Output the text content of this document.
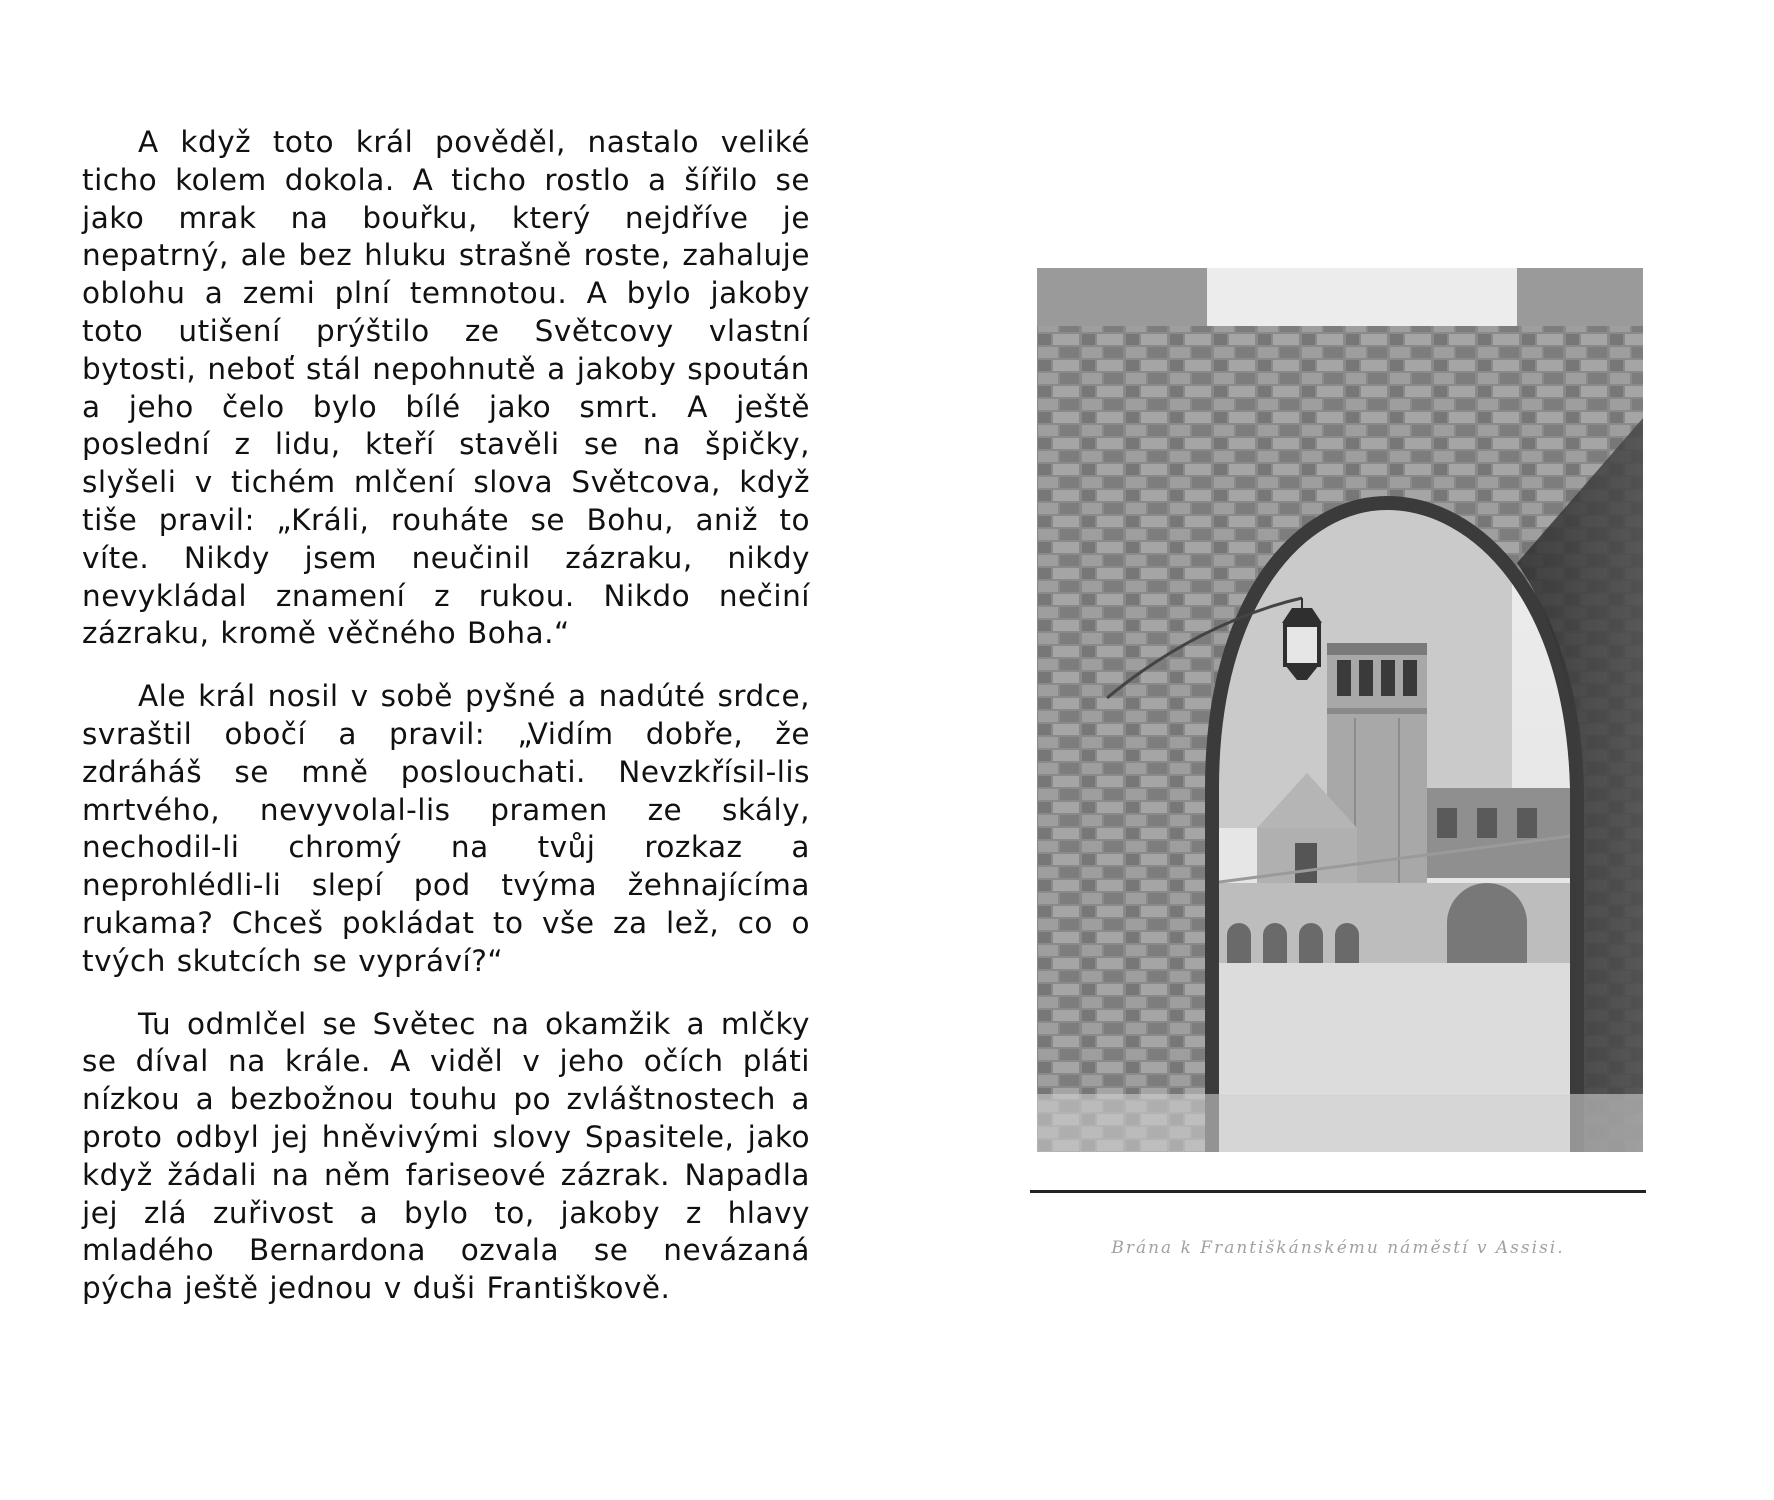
A když toto král pověděl, nastalo veliké ticho kolem dokola. A ticho rostlo a šířilo se jako mrak na bouřku, který nejdříve je nepatrný, ale bez hluku strašně roste, zahaluje oblohu a zemi plní temnotou. A bylo jakoby toto utišení prýštilo ze Světcovy vlastní bytosti, neboť stál nepohnutě a jakoby spoután a jeho čelo bylo bílé jako smrt. A ještě poslední z lidu, kteří stavěli se na špičky, slyšeli v tichém mlčení slova Světcova, když tiše pravil: „Králi, rouháte se Bohu, aniž to víte. Nikdy jsem neučinil zázraku, nikdy nevykládal znamení z rukou. Nikdo nečiní zázraku, kromě věčného Boha.“

Ale král nosil v sobě pyšné a nadúté srdce, svraštil obočí a pravil: „Vidím dobře, že zdráháš se mně poslouchati. Nevzkřísil-lis mrtvého, nevyvolal-lis pramen ze skály, nechodil-li chromý na tvůj rozkaz a neprohlédli-li slepí pod tvýma žehnajícíma rukama? Chceš pokládat to vše za lež, co o tvých skutcích se vypráví?“

Tu odmlčel se Světec na okamžik a mlčky se díval na krále. A viděl v jeho očích pláti nízkou a bezbožnou touhu po zvláštnostech a proto odbyl jej hněvivými slovy Spasitele, jako když žádali na něm fariseové zázrak. Napadla jej zlá zuřivost a bylo to, jakoby z hlavy mladého Bernardona ozvala se nevázaná pýcha ještě jednou v duši Františkově.

Brána k Františkánskému náměstí v Assisi.
